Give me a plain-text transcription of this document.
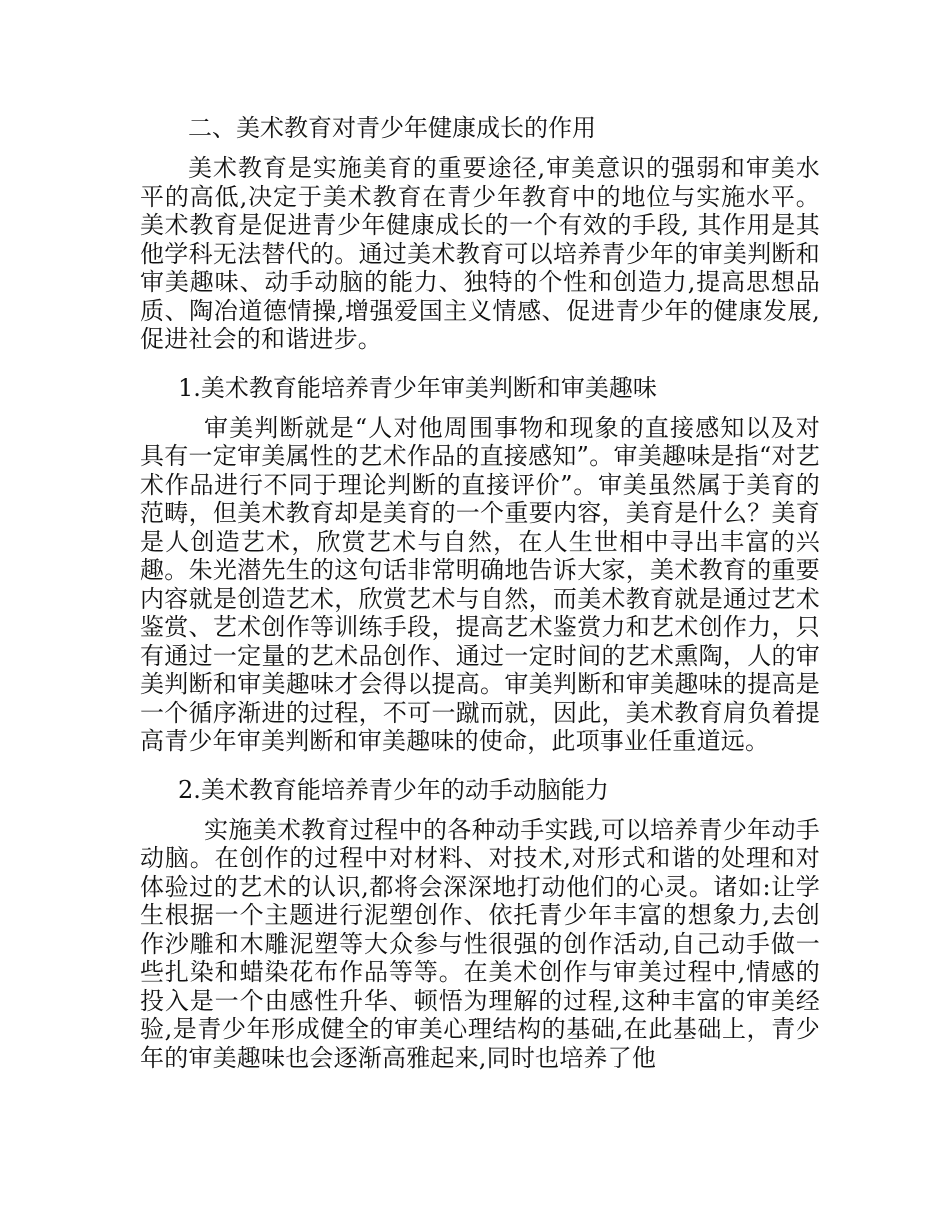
二、美术教育对青少年健康成长的作用

美术教育是实施美育的重要途径,审美意识的强弱和审美水平的高低,决定于美术教育在青少年教育中的地位与实施水平。美术教育是促进青少年健康成长的一个有效的手段, 其作用是其他学科无法替代的。通过美术教育可以培养青少年的审美判断和审美趣味、动手动脑的能力、独特的个性和创造力,提高思想品质、陶冶道德情操,增强爱国主义情感、促进青少年的健康发展,促进社会的和谐进步。

1.美术教育能培养青少年审美判断和审美趣味

审美判断就是“人对他周围事物和现象的直接感知以及对具有一定审美属性的艺术作品的直接感知”。审美趣味是指“对艺术作品进行不同于理论判断的直接评价”。审美虽然属于美育的范畴，但美术教育却是美育的一个重要内容，美育是什么？美育是人创造艺术，欣赏艺术与自然，在人生世相中寻出丰富的兴趣。朱光潜先生的这句话非常明确地告诉大家，美术教育的重要内容就是创造艺术，欣赏艺术与自然，而美术教育就是通过艺术鉴赏、艺术创作等训练手段，提高艺术鉴赏力和艺术创作力，只有通过一定量的艺术品创作、通过一定时间的艺术熏陶，人的审美判断和审美趣味才会得以提高。审美判断和审美趣味的提高是一个循序渐进的过程，不可一蹴而就，因此，美术教育肩负着提高青少年审美判断和审美趣味的使命，此项事业任重道远。

2.美术教育能培养青少年的动手动脑能力

实施美术教育过程中的各种动手实践,可以培养青少年动手动脑。在创作的过程中对材料、对技术,对形式和谐的处理和对体验过的艺术的认识,都将会深深地打动他们的心灵。诸如:让学生根据一个主题进行泥塑创作、依托青少年丰富的想象力,去创作沙雕和木雕泥塑等大众参与性很强的创作活动,自己动手做一些扎染和蜡染花布作品等等。在美术创作与审美过程中,情感的投入是一个由感性升华、顿悟为理解的过程,这种丰富的审美经验,是青少年形成健全的审美心理结构的基础,在此基础上，青少年的审美趣味也会逐渐高雅起来,同时也培养了他
